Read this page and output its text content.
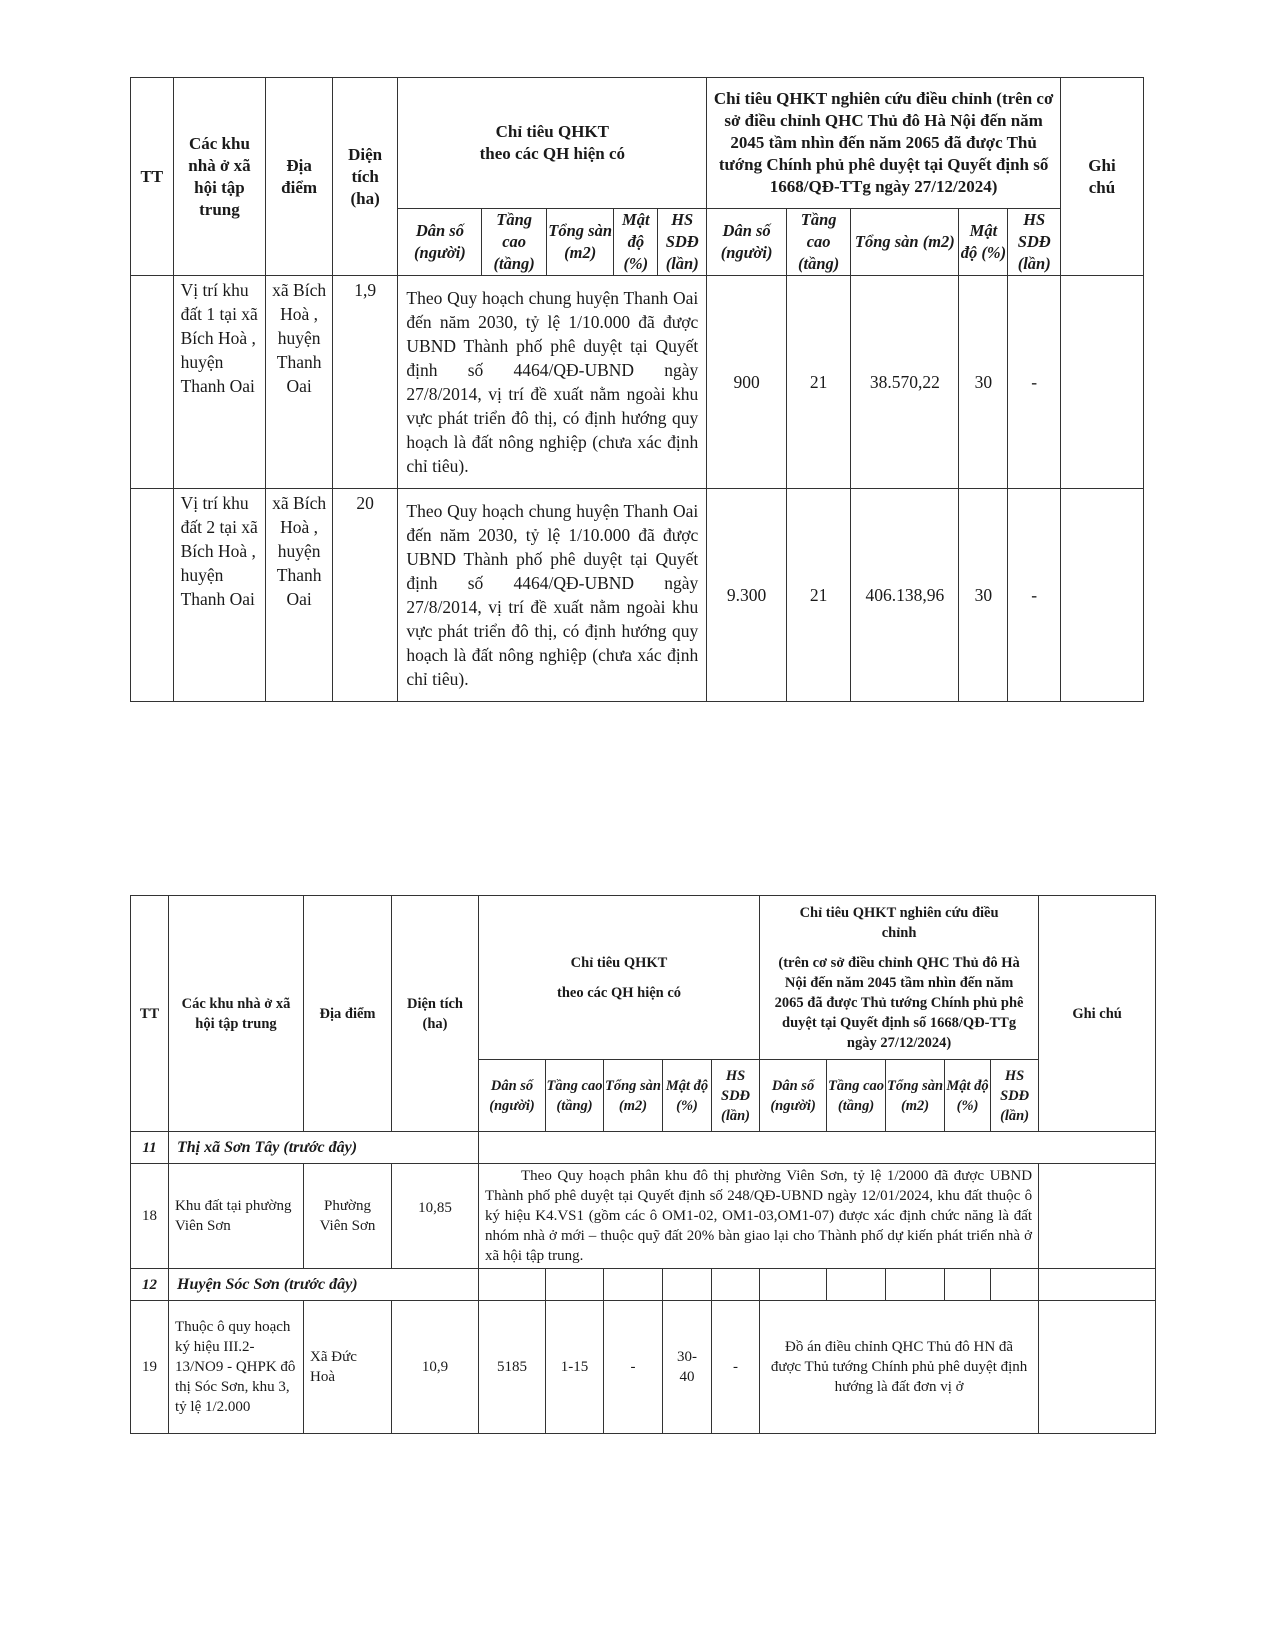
TT	Các khu nhà ở xã hội tập trung	Địa điểm	Diện tích (ha)	Chỉ tiêu QHKT
theo các QH hiện có					Chỉ tiêu QHKT nghiên cứu điều chỉnh (trên cơ sở điều chỉnh QHC Thủ đô Hà Nội đến năm 2045 tầm nhìn đến năm 2065 đã được Thủ tướng Chính phủ phê duyệt tại Quyết định số 1668/QĐ-TTg ngày 27/12/2024)					Ghi chú
				Dân số (người)	Tầng cao (tầng)	Tổng sàn (m2)	Mật độ (%)	HS SDĐ (lần)	Dân số (người)	Tầng cao (tầng)	Tổng sàn (m2)	Mật độ (%)	HS SDĐ (lần)	
	Vị trí khu đất 1 tại xã Bích Hoà , huyện Thanh Oai	xã Bích Hoà , huyện Thanh Oai	1,9	Theo Quy hoạch chung huyện Thanh Oai đến năm 2030, tỷ lệ 1/10.000 đã được UBND Thành phố phê duyệt tại Quyết định số 4464/QĐ-UBND ngày 27/8/2014, vị trí đề xuất nằm ngoài khu vực phát triển đô thị, có định hướng quy hoạch là đất nông nghiệp (chưa xác định chỉ tiêu).					900	21	38.570,22	30	-	
	Vị trí khu đất 2 tại xã Bích Hoà , huyện Thanh Oai	xã Bích Hoà , huyện Thanh Oai	20	Theo Quy hoạch chung huyện Thanh Oai đến năm 2030, tỷ lệ 1/10.000 đã được UBND Thành phố phê duyệt tại Quyết định số 4464/QĐ-UBND ngày 27/8/2014, vị trí đề xuất nằm ngoài khu vực phát triển đô thị, có định hướng quy hoạch là đất nông nghiệp (chưa xác định chỉ tiêu).					9.300	21	406.138,96	30	-	
TT	Các khu nhà ở xã hội tập trung	Địa điểm	Diện tích (ha)	Chỉ tiêu QHKT
theo các QH hiện có					Chỉ tiêu QHKT nghiên cứu điều chỉnh
(trên cơ sở điều chỉnh QHC Thủ đô Hà Nội đến năm 2045 tầm nhìn đến năm 2065 đã được Thủ tướng Chính phủ phê duyệt tại Quyết định số 1668/QĐ-TTg ngày 27/12/2024)					Ghi chú
				Dân số (người)	Tầng cao (tầng)	Tổng sàn (m2)	Mật độ (%)	HS SDĐ (lần)	Dân số (người)	Tầng cao (tầng)	Tổng sàn (m2)	Mật độ (%)	HS SDĐ (lần)	
11	Thị xã Sơn Tây (trước đây)													
18	Khu đất tại phường Viên Sơn	Phường Viên Sơn	10,85	Theo Quy hoạch phân khu đô thị phường Viên Sơn, tỷ lệ 1/2000 đã được UBND Thành phố phê duyệt tại Quyết định số 248/QĐ-UBND ngày 12/01/2024, khu đất thuộc ô ký hiệu K4.VS1 (gồm các ô OM1-02, OM1-03,OM1-07) được xác định chức năng là đất nhóm nhà ở mới – thuộc quỹ đất 20% bàn giao lại cho Thành phố dự kiến phát triển nhà ở xã hội tập trung.										
12	Huyện Sóc Sơn (trước đây)													
19	Thuộc ô quy hoạch ký hiệu III.2-13/NO9 - QHPK đô thị Sóc Sơn, khu 3, tỷ lệ 1/2.000	Xã Đức Hoà	10,9	5185	1-15	-	30-40	-	Đồ án điều chỉnh QHC Thủ đô HN đã được Thủ tướng Chính phủ phê duyệt định hướng là đất đơn vị ở					
